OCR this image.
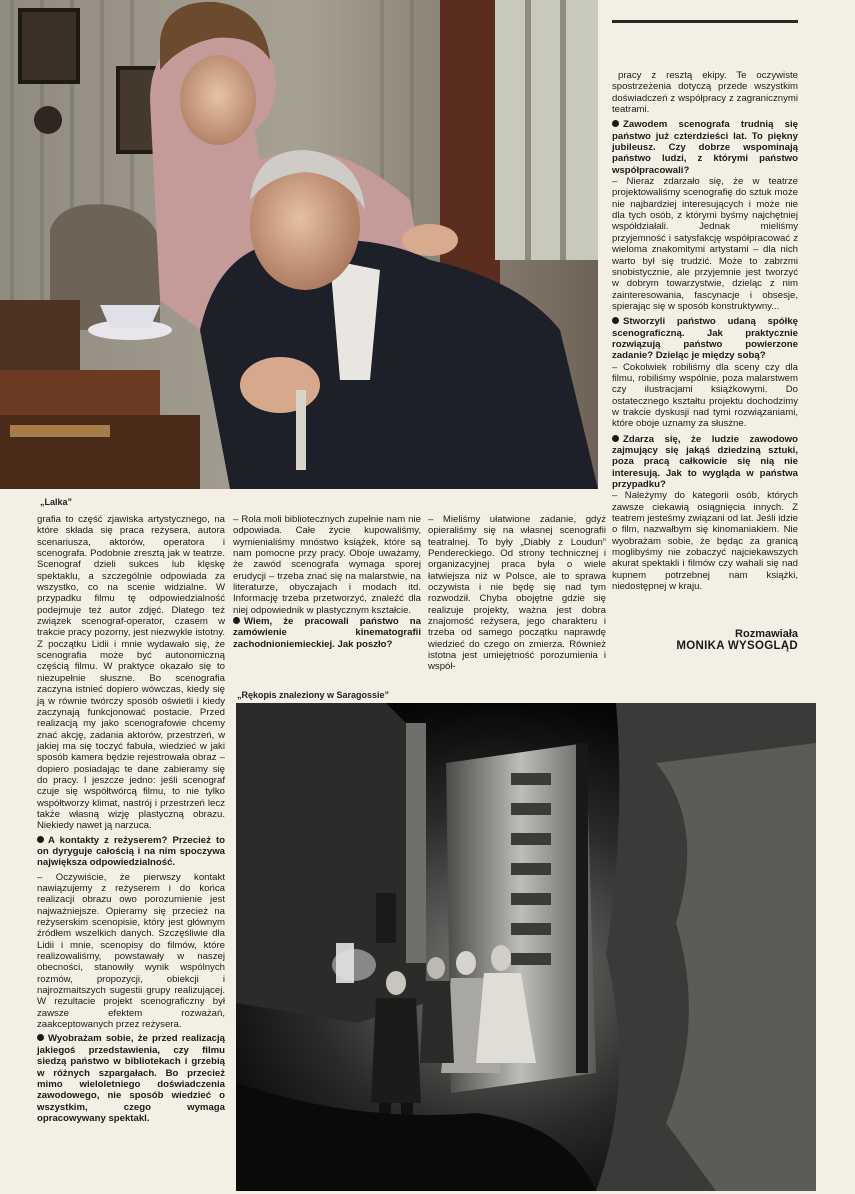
„Lalka”

pracy z resztą ekipy. Te oczywiste spostrzeżenia dotyczą przede wszystkim doświadczeń z współpracy z zagranicznymi teatrami.

Zawodem scenografa trudnią się państwo już czterdzieści lat. To piękny jubileusz. Czy dobrze wspominają państwo ludzi, z którymi państwo współpracowali?

– Nieraz zdarzało się, że w teatrze projektowaliśmy scenografię do sztuk może nie najbardziej interesujących i może nie dla tych osób, z którymi byśmy najchętniej współdziałali. Jednak mieliśmy przyjemność i satysfakcję współpracować z wieloma znakomitymi artystami – dla nich warto był się trudzić. Może to zabrzmi snobistycznie, ale przyjemnie jest tworzyć w dobrym towarzystwie, dzieląc z nim zainteresowania, fascynacje i obsesje, spierając się w sposób konstruktywny...

Stworzyli państwo udaną spółkę scenograficzną. Jak praktycznie rozwiązują państwo powierzone zadanie? Dzieląc je między sobą?

– Cokolwiek robiliśmy dla sceny czy dla filmu, robiliśmy wspólnie, poza malarstwem czy ilustracjami książkowymi. Do ostatecznego kształtu projektu dochodzimy w trakcie dyskusji nad tymi rozwiązaniami, które oboje uznamy za słuszne.

Zdarza się, że ludzie zawodowo zajmujący się jakąś dziedziną sztuki, poza pracą całkowicie się nią nie interesują. Jak to wygląda w państwa przypadku?

– Należymy do kategorii osób, których zawsze ciekawią osiągnięcia innych. Z teatrem jesteśmy związani od lat. Jeśli idzie o film, nazwałbym się kinomaniakiem. Nie wyobrażam sobie, że będąc za granicą moglibyśmy nie zobaczyć najciekawszych akurat spektakli i filmów czy wahali się nad kupnem potrzebnej nam książki, niedostępnej w kraju.

Rozmawiała
MONIKA WYSOGLĄD

grafia to część zjawiska artystycznego, na które składa się praca reżysera, autora scenariusza, aktorów, operatora i scenografa. Podobnie zresztą jak w teatrze. Scenograf dzieli sukces lub klęskę spektaklu, a szczególnie odpowiada za wszystko, co na scenie widzialne. W przypadku filmu tę odpowiedzialność podejmuje też autor zdjęć. Dlatego też związek scenograf-operator, czasem w trakcie pracy pozorny, jest niezwykle istotny. Z początku Lidii i mnie wydawało się, że scenografia może być autonomiczną częścią filmu. W praktyce okazało się to niezupełnie słuszne. Bo scenografia zaczyna istnieć dopiero wówczas, kiedy się ją w równie twórczy sposób oświetli i kiedy zaczynają funkcjonować postacie. Przed realizacją my jako scenografowie chcemy znać akcję, zadania aktorów, przestrzeń, w jakiej ma się toczyć fabuła, wiedzieć w jaki sposób kamera będzie rejestrowała obraz – dopiero posiadając te dane zabieramy się do pracy. I jeszcze jedno: jeśli scenograf czuje się współtwórcą filmu, to nie tylko współtworzy klimat, nastrój i przestrzeń lecz także własną wizję plastyczną obrazu. Niekiedy nawet ją narzuca.

A kontakty z reżyserem? Przecież to on dyryguje całością i na nim spoczywa największa odpowiedzialność.

– Oczywiście, że pierwszy kontakt nawiązujemy z reżyserem i do końca realizacji obrazu owo porozumienie jest najważniejsze. Opieramy się przecież na reżyserskim scenopisie, który jest głównym źródłem wszelkich danych. Szczęśliwie dla Lidii i mnie, scenopisy do filmów, które realizowaliśmy, powstawały w naszej obecności, stanowiły wynik wspólnych rozmów, propozycji, obiekcji i najrozmaitszych sugestii grupy realizującej. W rezultacie projekt scenograficzny był zawsze efektem rozważań, zaakceptowanych przez reżysera.

Wyobrażam sobie, że przed realizacją jakiegoś przedstawienia, czy filmu siedzą państwo w bibliotekach i grzebią w różnych szpargałach. Bo przecież mimo wieloletniego doświadczenia zawodowego, nie sposób wiedzieć o wszystkim, czego wymaga opracowywany spektakl.

– Rola moli bibliotecznych zupełnie nam nie odpowiada. Całe życie kupowaliśmy, wymienialiśmy mnóstwo książek, które są nam pomocne przy pracy. Oboje uważamy, że zawód scenografa wymaga sporej erudycji – trzeba znać się na malarstwie, na literaturze, obyczajach i modach itd. Informację trzeba przetworzyć, znaleźć dla niej odpowiednik w plastycznym kształcie.

Wiem, że pracowali państwo na zamówienie kinematografii zachodnioniemieckiej. Jak poszło?

– Mieliśmy ułatwione zadanie, gdyż opieraliśmy się na własnej scenografii teatralnej. To były „Diabły z Loudun” Pendereckiego. Od strony technicznej i organizacyjnej praca była o wiele łatwiejsza niż w Polsce, ale to sprawa oczywista i nie będę się nad tym rozwodził. Chyba obojętne gdzie się realizuje projekty, ważna jest dobra znajomość reżysera, jego charakteru i trzeba od samego początku naprawdę wiedzieć do czego on zmierza. Również istotna jest umiejętność porozumienia i współ-

„Rękopis znaleziony w Saragossie”
